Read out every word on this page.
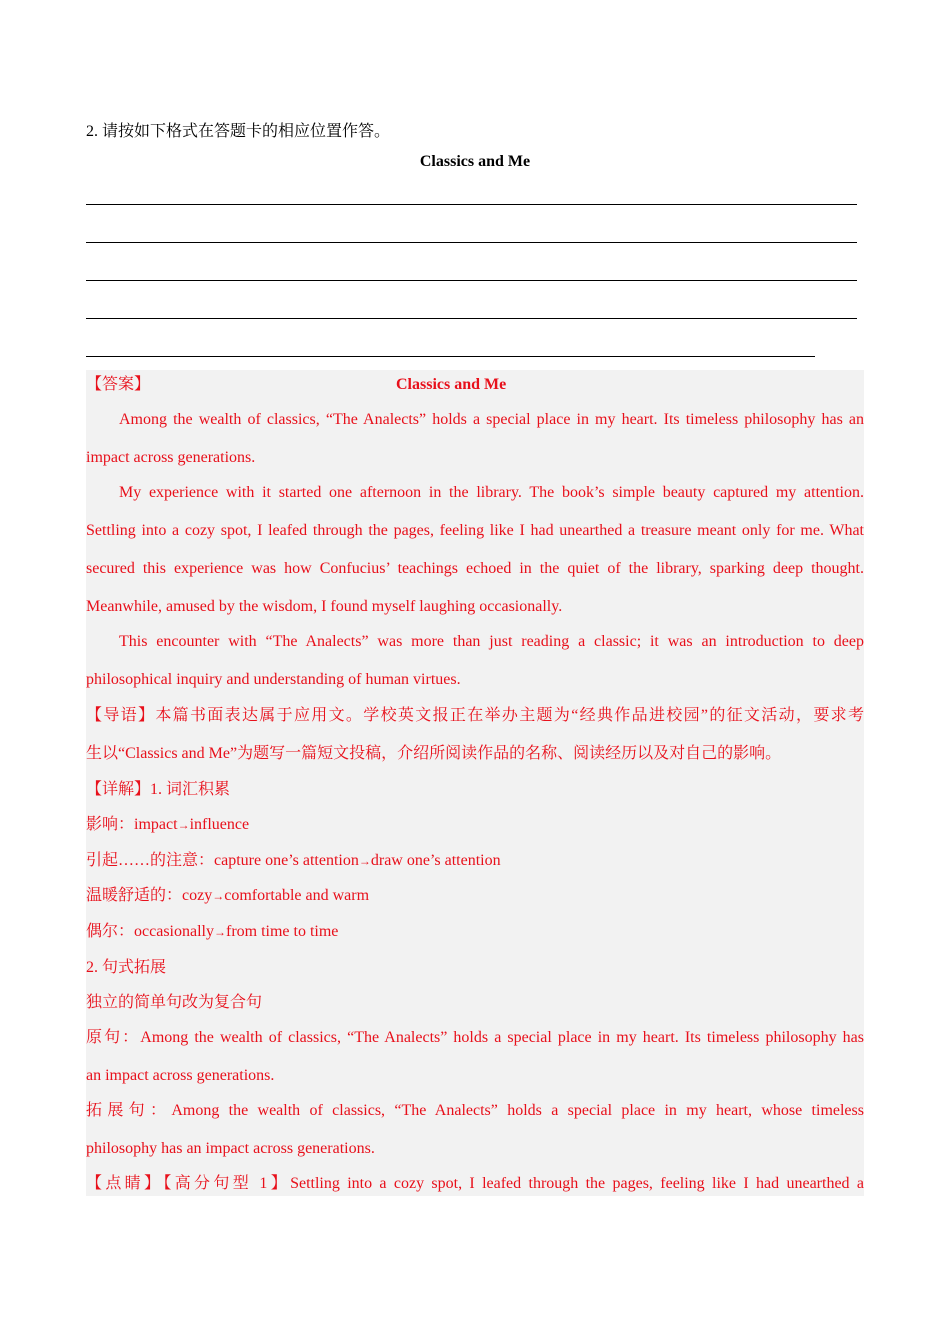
2. 请按如下格式在答题卡的相应位置作答。
Classics and Me
【答案】	Classics and Me
Among the wealth of classics, “The Analects” holds a special place in my heart. Its timeless philosophy has an
impact across generations.
My experience with it started one afternoon in the library. The book’s simple beauty captured my attention.
Settling into a cozy spot, I leafed through the pages, feeling like I had unearthed a treasure meant only for me. What
secured this experience was how Confucius’ teachings echoed in the quiet of the library, sparking deep thought.
Meanwhile, amused by the wisdom, I found myself laughing occasionally.
This encounter with “The Analects” was more than just reading a classic; it was an introduction to deep
philosophical inquiry and understanding of human virtues.
【导语】本篇书面表达属于应用文。学校英文报正在举办主题为“经典作品进校园”的征文活动，要求考
生以“Classics and Me”为题写一篇短文投稿，介绍所阅读作品的名称、阅读经历以及对自己的影响。
【详解】1. 词汇积累
影响：impact→influence
引起……的注意：capture one’s attention→draw one’s attention
温暖舒适的：cozy→comfortable and warm
偶尔：occasionally→from time to time
2. 句式拓展
独立的简单句改为复合句
原句：Among the wealth of classics, “The Analects” holds a special place in my heart. Its timeless philosophy has
an impact across generations.
拓展句：Among the wealth of classics, “The Analects” holds a special place in my heart, whose timeless
philosophy has an impact across generations.
【点睛】【高分句型 1】Settling into a cozy spot, I leafed through the pages, feeling like I had unearthed a
